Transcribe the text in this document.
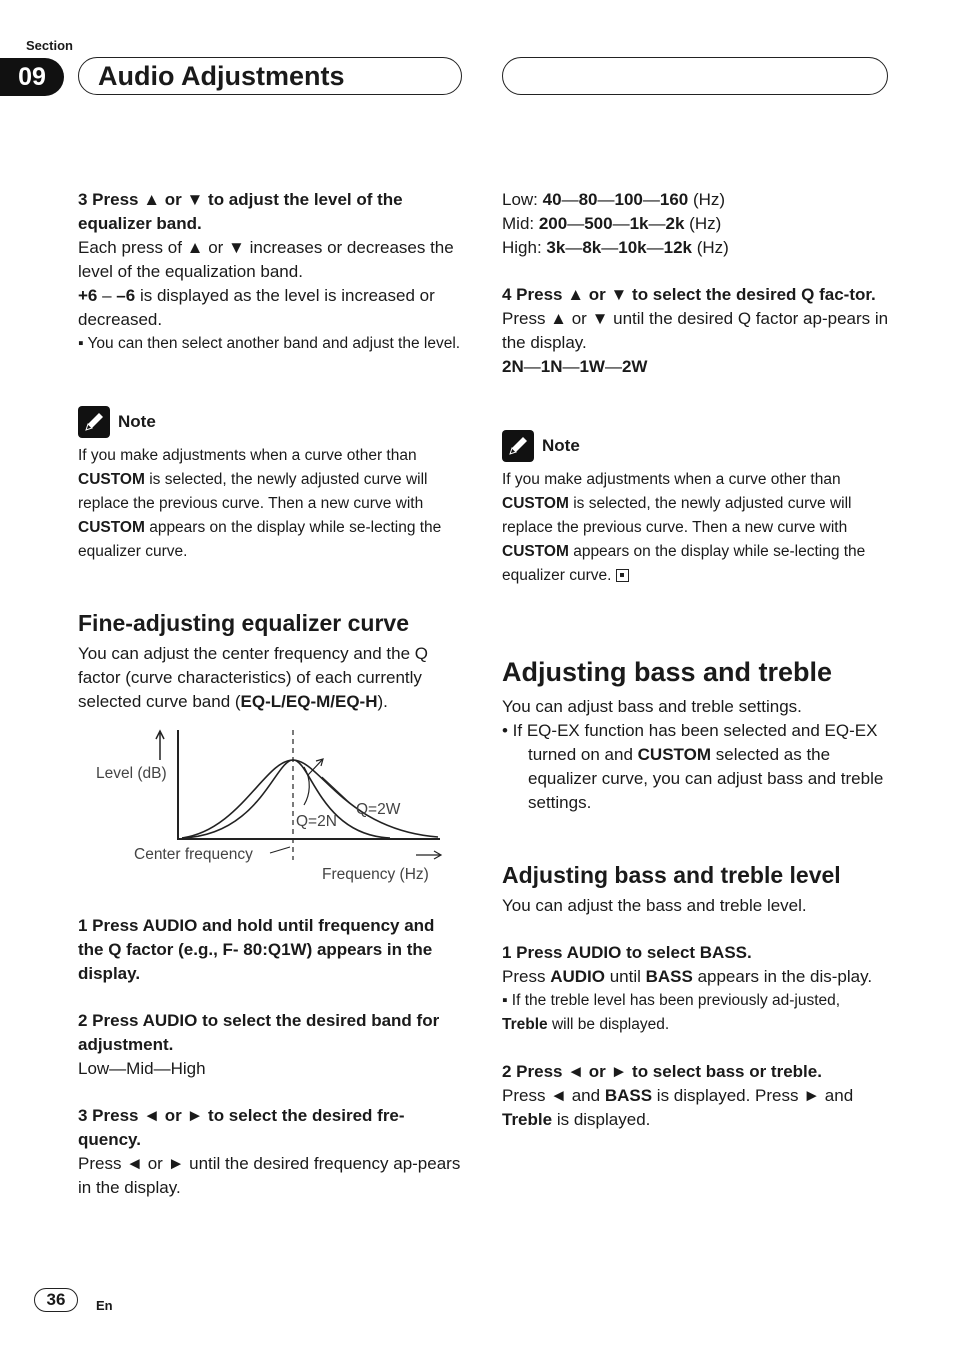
Section
09	Audio Adjustments

3 Press ▲ or ▼ to adjust the level of the equalizer band.

Each press of ▲ or ▼ increases or decreases the level of the equalization band.

+6 – –6 is displayed as the level is increased or decreased.

▪ You can then select another band and adjust the level.

Note

If you make adjustments when a curve other than CUSTOM is selected, the newly adjusted curve will replace the previous curve. Then a new curve with CUSTOM appears on the display while se-lecting the equalizer curve.

Fine-adjusting equalizer curve

You can adjust the center frequency and the Q factor (curve characteristics) of each currently selected curve band (EQ-L/EQ-M/EQ-H).

Level (dB)
Center frequency
Frequency (Hz)
Q=2N
Q=2W

1 Press AUDIO and hold until frequency and the Q factor (e.g., F- 80:Q1W) appears in the display.

2 Press AUDIO to select the desired band for adjustment.

Low—Mid—High

3 Press ◄ or ► to select the desired fre-quency.

Press ◄ or ► until the desired frequency ap-pears in the display.

Low: 40—80—100—160 (Hz)

Mid: 200—500—1k—2k (Hz)

High: 3k—8k—10k—12k (Hz)

4 Press ▲ or ▼ to select the desired Q fac-tor.

Press ▲ or ▼ until the desired Q factor ap-pears in the display.

2N—1N—1W—2W

Note

If you make adjustments when a curve other than CUSTOM is selected, the newly adjusted curve will replace the previous curve. Then a new curve with CUSTOM appears on the display while se-lecting the equalizer curve.

Adjusting bass and treble

You can adjust bass and treble settings.

• If EQ-EX function has been selected and EQ-EX turned on and CUSTOM selected as the equalizer curve, you can adjust bass and treble settings.

Adjusting bass and treble level

You can adjust the bass and treble level.

1 Press AUDIO to select BASS.

Press AUDIO until BASS appears in the dis-play.

▪ If the treble level has been previously ad-justed, Treble will be displayed.

2 Press ◄ or ► to select bass or treble.

Press ◄ and BASS is displayed. Press ► and Treble is displayed.

36	En
